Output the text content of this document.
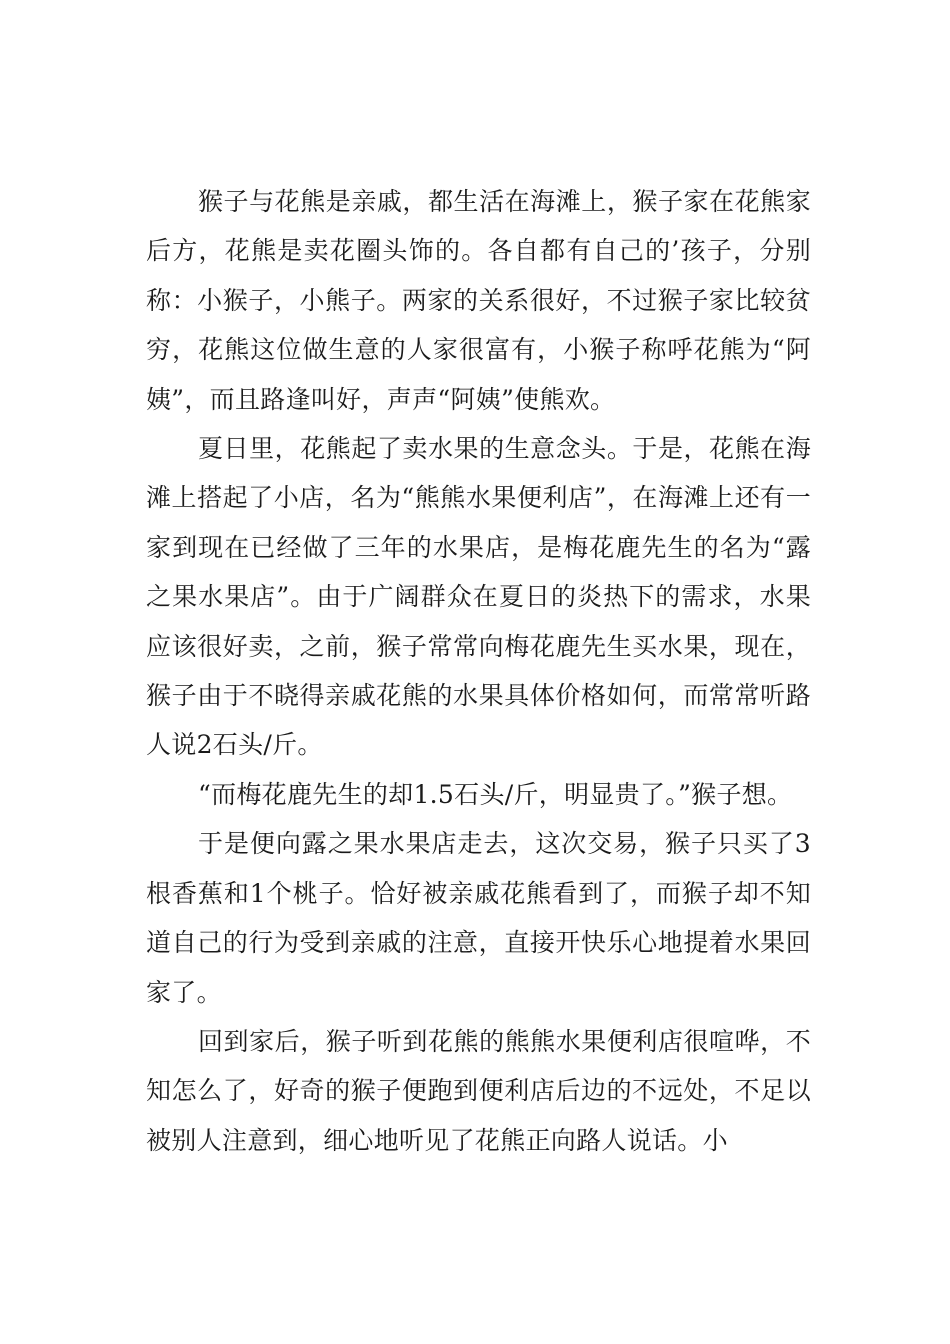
猴子与花熊是亲戚，都生活在海滩上，猴子家在花熊家后方，花熊是卖花圈头饰的。各自都有自己的’孩子，分别称：小猴子，小熊子。两家的关系很好，不过猴子家比较贫穷，花熊这位做生意的人家很富有，小猴子称呼花熊为“阿姨”，而且路逢叫好，声声“阿姨”使熊欢。

夏日里，花熊起了卖水果的生意念头。于是，花熊在海滩上搭起了小店，名为“熊熊水果便利店”，在海滩上还有一家到现在已经做了三年的水果店，是梅花鹿先生的名为“露之果水果店”。由于广阔群众在夏日的炎热下的需求，水果应该很好卖，之前，猴子常常向梅花鹿先生买水果，现在，猴子由于不晓得亲戚花熊的水果具体价格如何，而常常听路人说2石头/斤。

“而梅花鹿先生的却1.5石头/斤，明显贵了。”猴子想。

于是便向露之果水果店走去，这次交易，猴子只买了3根香蕉和1个桃子。恰好被亲戚花熊看到了，而猴子却不知道自己的行为受到亲戚的注意，直接开快乐心地提着水果回家了。

回到家后，猴子听到花熊的熊熊水果便利店很喧哗，不知怎么了，好奇的猴子便跑到便利店后边的不远处，不足以被别人注意到，细心地听见了花熊正向路人说话。小
